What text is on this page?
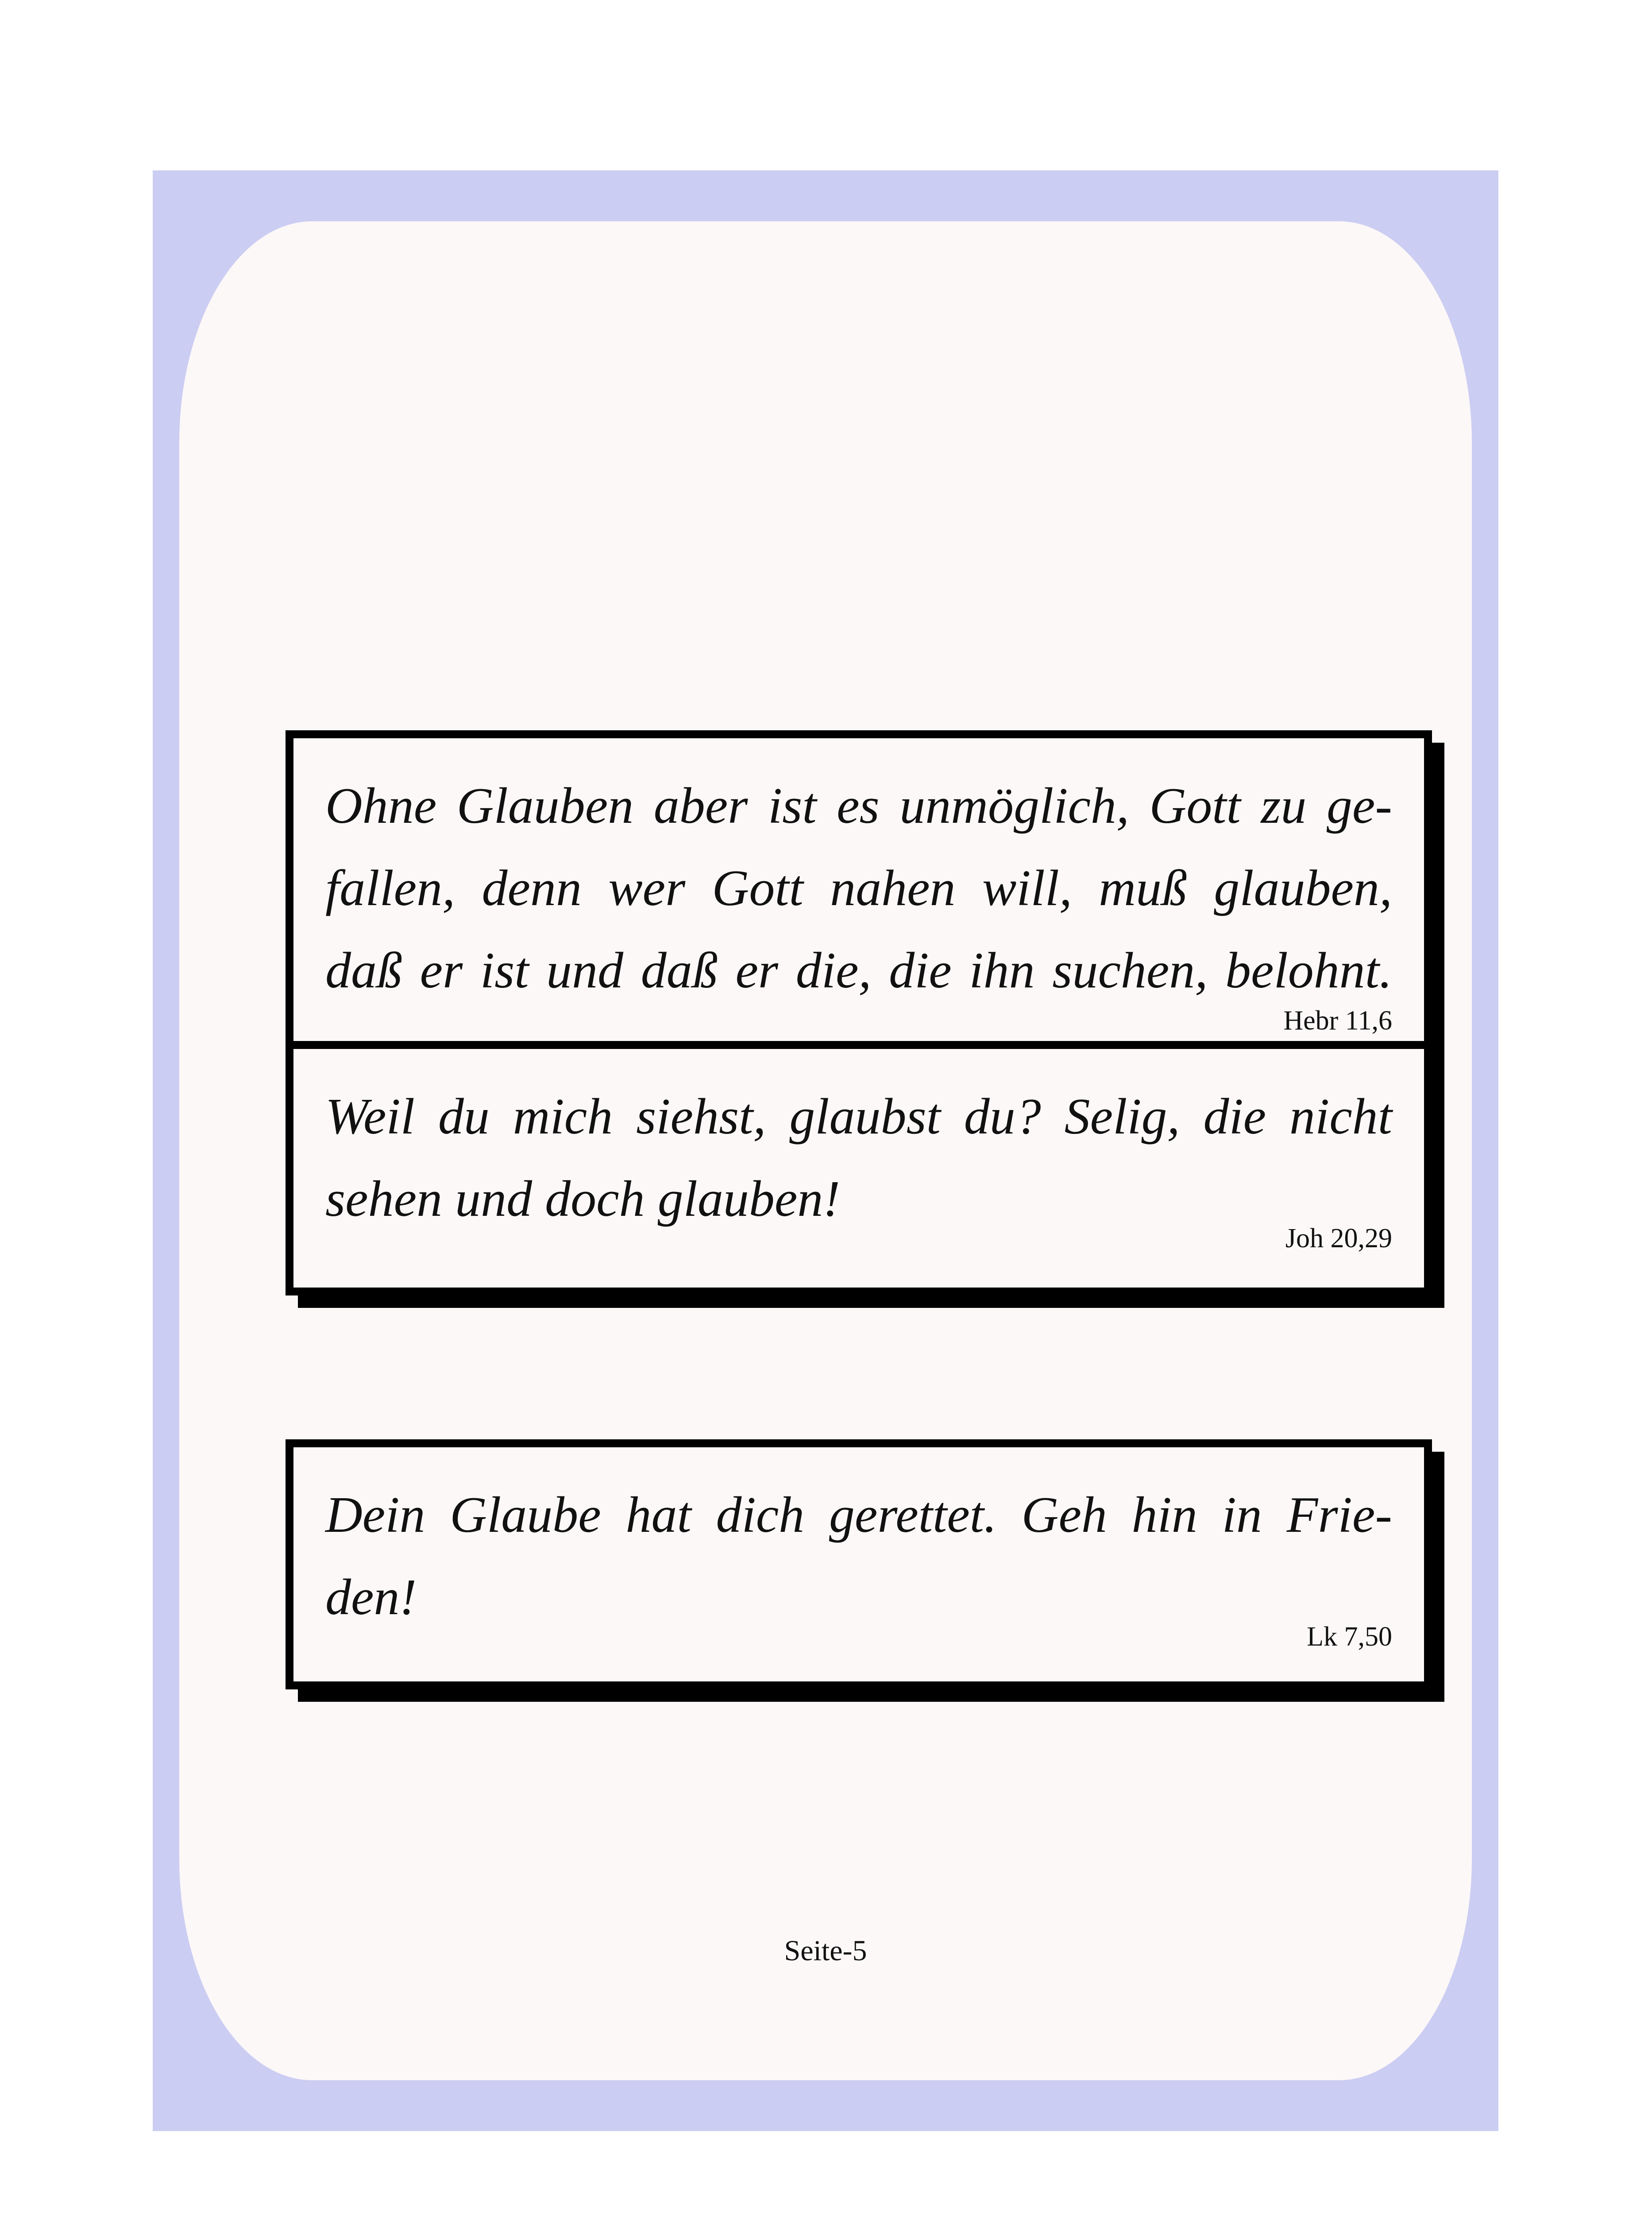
Ohne Glauben aber ist es unmöglich, Gott zu ge-

fallen, denn wer Gott nahen will, muß glauben,

daß er ist und daß er die, die ihn suchen, belohnt.

Hebr 11,6

Weil du mich siehst, glaubst du? Selig, die nicht

sehen und doch glauben!

Joh 20,29

Dein Glaube hat dich gerettet. Geh hin in Frie-

den!

Lk 7,50
Seite-5
